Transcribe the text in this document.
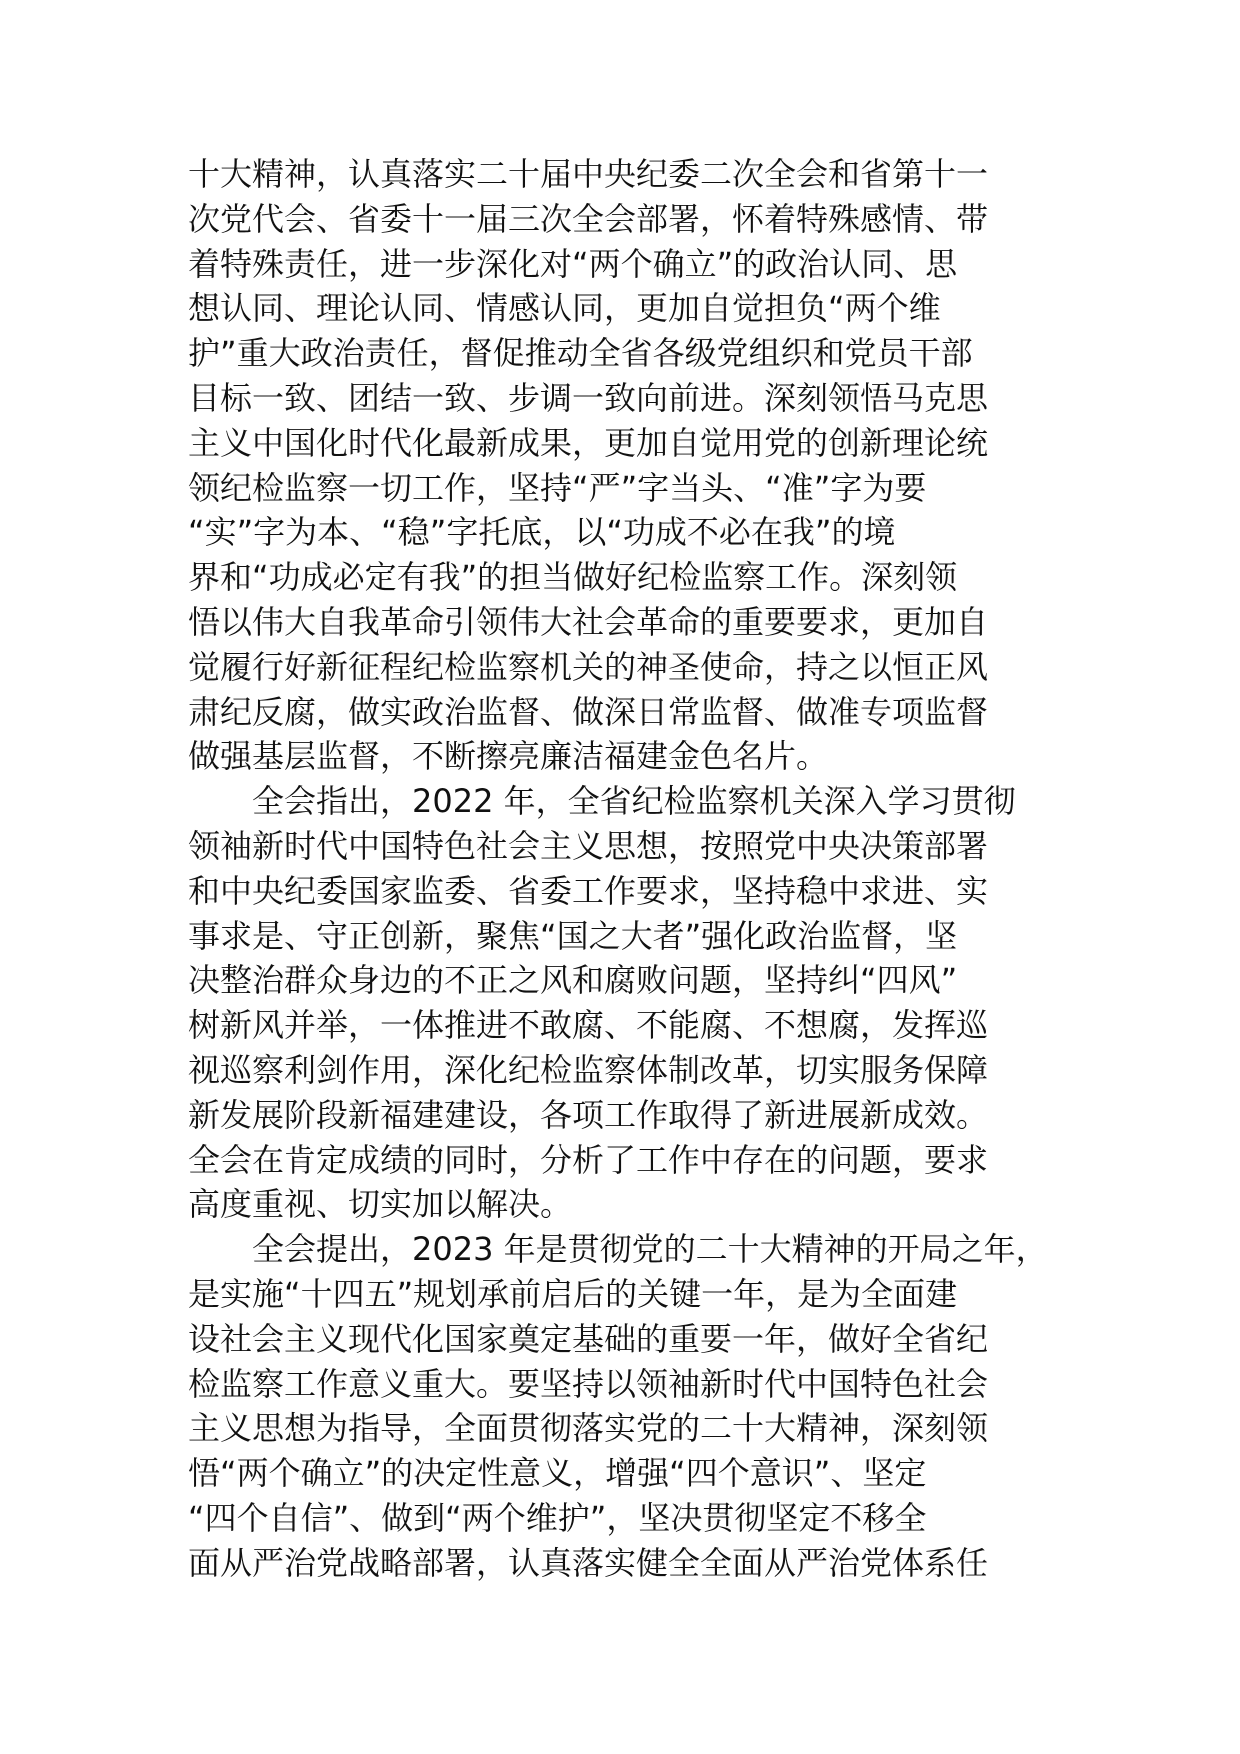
十大精神，认真落实二十届中央纪委二次全会和省第十一
次党代会、省委十一届三次全会部署，怀着特殊感情、带
着特殊责任，进一步深化对“两个确立”的政治认同、思
想认同、理论认同、情感认同，更加自觉担负“两个维
护”重大政治责任，督促推动全省各级党组织和党员干部
目标一致、团结一致、步调一致向前进。深刻领悟马克思
主义中国化时代化最新成果，更加自觉用党的创新理论统
领纪检监察一切工作，坚持“严”字当头、“准”字为要
“实”字为本、“稳”字托底，以“功成不必在我”的境
界和“功成必定有我”的担当做好纪检监察工作。深刻领
悟以伟大自我革命引领伟大社会革命的重要要求，更加自
觉履行好新征程纪检监察机关的神圣使命，持之以恒正风
肃纪反腐，做实政治监督、做深日常监督、做准专项监督
做强基层监督，不断擦亮廉洁福建金色名片。
全会指出，2022 年，全省纪检监察机关深入学习贯彻
领袖新时代中国特色社会主义思想，按照党中央决策部署
和中央纪委国家监委、省委工作要求，坚持稳中求进、实
事求是、守正创新，聚焦“国之大者”强化政治监督，坚
决整治群众身边的不正之风和腐败问题，坚持纠“四风”
树新风并举，一体推进不敢腐、不能腐、不想腐，发挥巡
视巡察利剑作用，深化纪检监察体制改革，切实服务保障
新发展阶段新福建建设，各项工作取得了新进展新成效。
全会在肯定成绩的同时，分析了工作中存在的问题，要求
高度重视、切实加以解决。
全会提出，2023 年是贯彻党的二十大精神的开局之年，
是实施“十四五”规划承前启后的关键一年，是为全面建
设社会主义现代化国家奠定基础的重要一年，做好全省纪
检监察工作意义重大。要坚持以领袖新时代中国特色社会
主义思想为指导，全面贯彻落实党的二十大精神，深刻领
悟“两个确立”的决定性意义，增强“四个意识”、坚定
“四个自信”、做到“两个维护”，坚决贯彻坚定不移全
面从严治党战略部署，认真落实健全全面从严治党体系任
